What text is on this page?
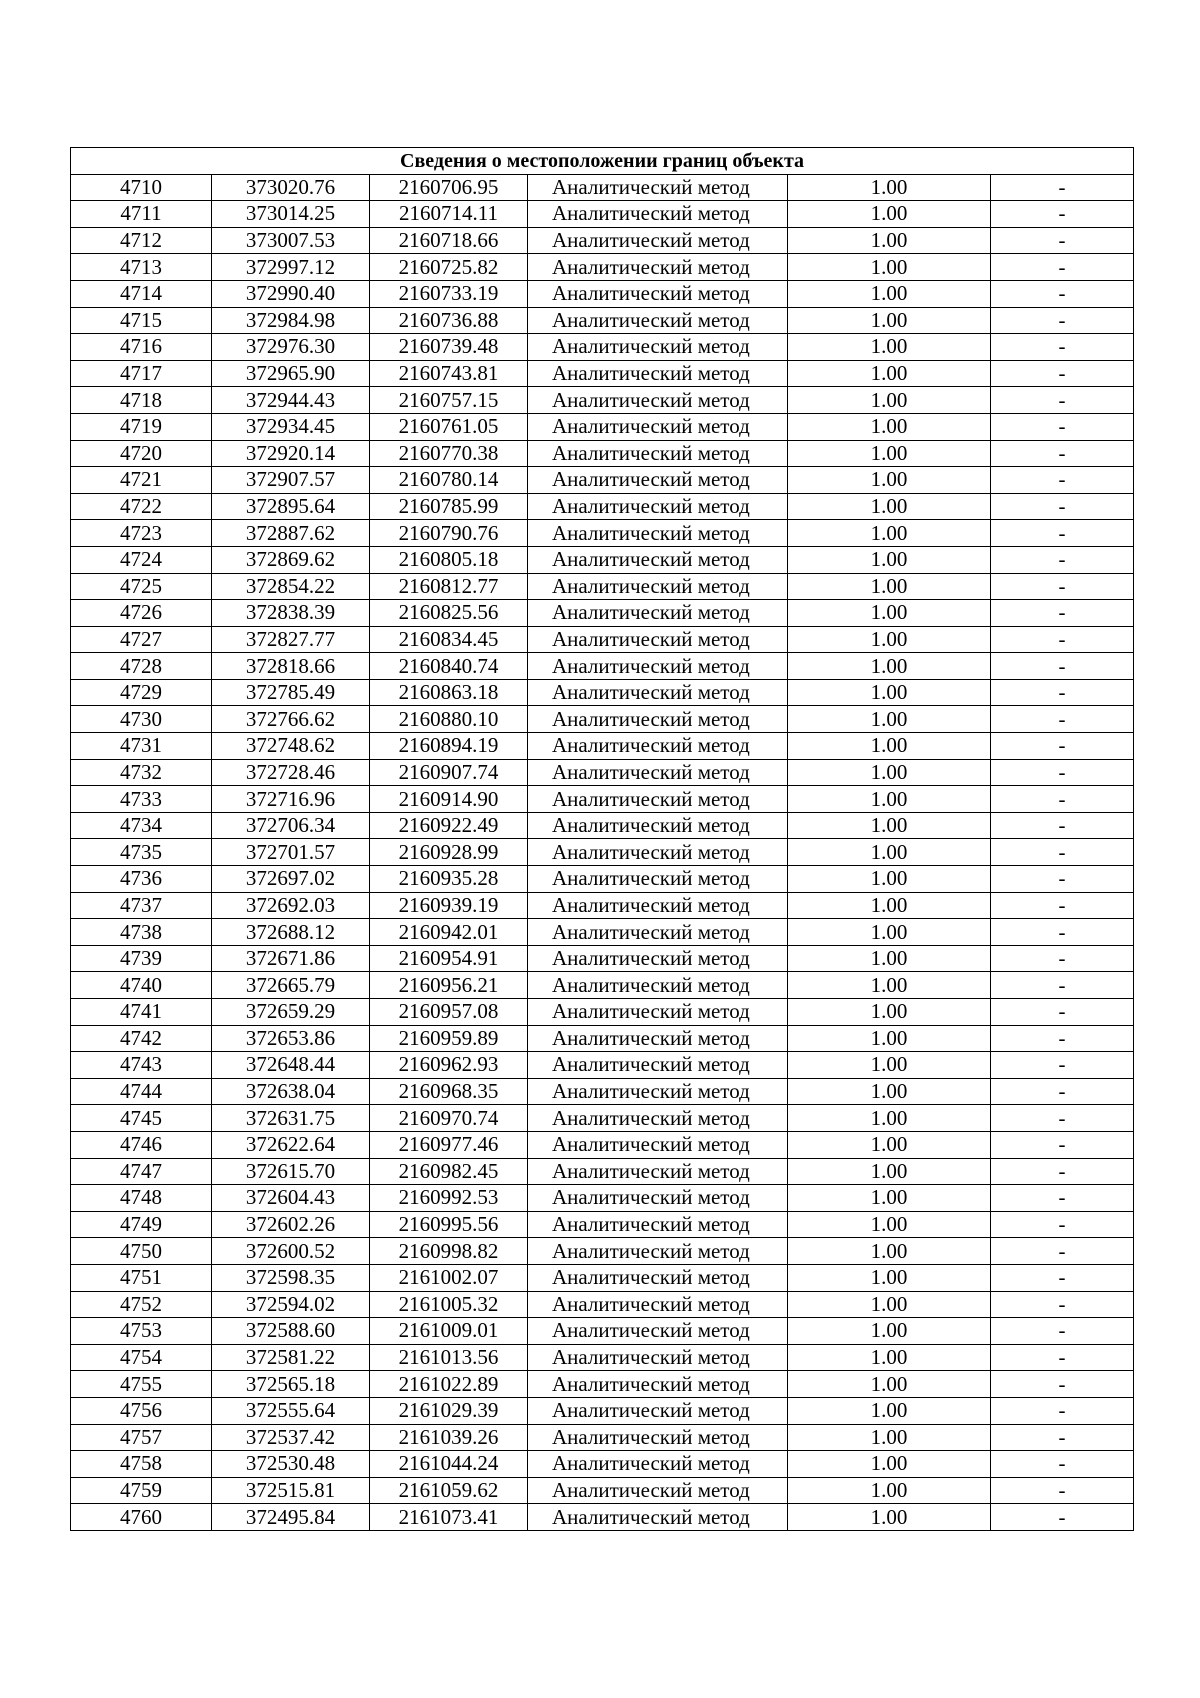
Сведения о местоположении границ объекта					
4710	373020.76	2160706.95	Аналитический метод	1.00	-
4711	373014.25	2160714.11	Аналитический метод	1.00	-
4712	373007.53	2160718.66	Аналитический метод	1.00	-
4713	372997.12	2160725.82	Аналитический метод	1.00	-
4714	372990.40	2160733.19	Аналитический метод	1.00	-
4715	372984.98	2160736.88	Аналитический метод	1.00	-
4716	372976.30	2160739.48	Аналитический метод	1.00	-
4717	372965.90	2160743.81	Аналитический метод	1.00	-
4718	372944.43	2160757.15	Аналитический метод	1.00	-
4719	372934.45	2160761.05	Аналитический метод	1.00	-
4720	372920.14	2160770.38	Аналитический метод	1.00	-
4721	372907.57	2160780.14	Аналитический метод	1.00	-
4722	372895.64	2160785.99	Аналитический метод	1.00	-
4723	372887.62	2160790.76	Аналитический метод	1.00	-
4724	372869.62	2160805.18	Аналитический метод	1.00	-
4725	372854.22	2160812.77	Аналитический метод	1.00	-
4726	372838.39	2160825.56	Аналитический метод	1.00	-
4727	372827.77	2160834.45	Аналитический метод	1.00	-
4728	372818.66	2160840.74	Аналитический метод	1.00	-
4729	372785.49	2160863.18	Аналитический метод	1.00	-
4730	372766.62	2160880.10	Аналитический метод	1.00	-
4731	372748.62	2160894.19	Аналитический метод	1.00	-
4732	372728.46	2160907.74	Аналитический метод	1.00	-
4733	372716.96	2160914.90	Аналитический метод	1.00	-
4734	372706.34	2160922.49	Аналитический метод	1.00	-
4735	372701.57	2160928.99	Аналитический метод	1.00	-
4736	372697.02	2160935.28	Аналитический метод	1.00	-
4737	372692.03	2160939.19	Аналитический метод	1.00	-
4738	372688.12	2160942.01	Аналитический метод	1.00	-
4739	372671.86	2160954.91	Аналитический метод	1.00	-
4740	372665.79	2160956.21	Аналитический метод	1.00	-
4741	372659.29	2160957.08	Аналитический метод	1.00	-
4742	372653.86	2160959.89	Аналитический метод	1.00	-
4743	372648.44	2160962.93	Аналитический метод	1.00	-
4744	372638.04	2160968.35	Аналитический метод	1.00	-
4745	372631.75	2160970.74	Аналитический метод	1.00	-
4746	372622.64	2160977.46	Аналитический метод	1.00	-
4747	372615.70	2160982.45	Аналитический метод	1.00	-
4748	372604.43	2160992.53	Аналитический метод	1.00	-
4749	372602.26	2160995.56	Аналитический метод	1.00	-
4750	372600.52	2160998.82	Аналитический метод	1.00	-
4751	372598.35	2161002.07	Аналитический метод	1.00	-
4752	372594.02	2161005.32	Аналитический метод	1.00	-
4753	372588.60	2161009.01	Аналитический метод	1.00	-
4754	372581.22	2161013.56	Аналитический метод	1.00	-
4755	372565.18	2161022.89	Аналитический метод	1.00	-
4756	372555.64	2161029.39	Аналитический метод	1.00	-
4757	372537.42	2161039.26	Аналитический метод	1.00	-
4758	372530.48	2161044.24	Аналитический метод	1.00	-
4759	372515.81	2161059.62	Аналитический метод	1.00	-
4760	372495.84	2161073.41	Аналитический метод	1.00	-
